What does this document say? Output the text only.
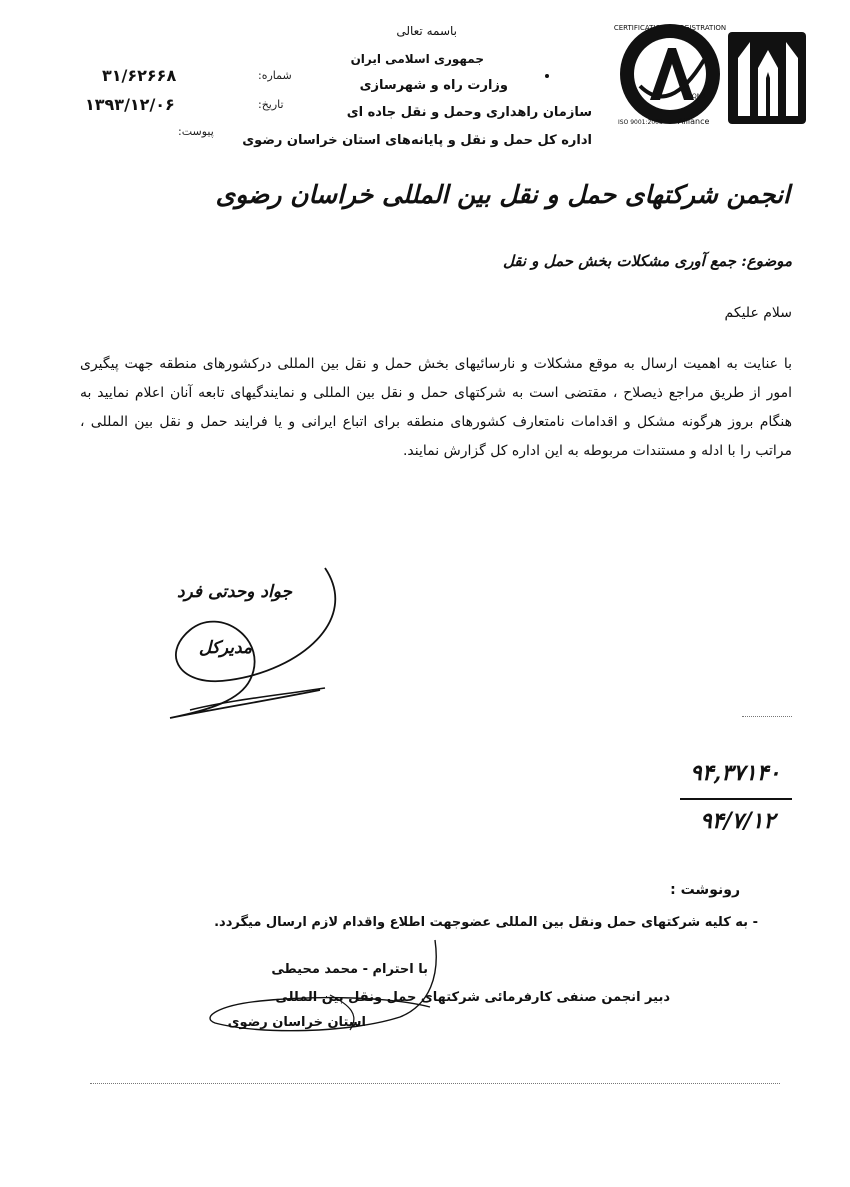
باسمه تعالی
جمهوری اسلامی ایران
وزارت راه و شهرسازی
سازمان راهداری وحمل و نقل جاده ای
اداره کل حمل و نقل و پایانه‌های استان خراسان رضوی
۳۱/۶۲۶۶۸	شماره:
۱۳۹۳/۱۲/۰۶	تاریخ:
پیوست:
CERTIFICATION • REGISTRATION
ISO 9001:2008 Alliance
QMS
انجمن شرکتهای حمل و نقل بین المللی خراسان رضوی
موضوع: جمع آوری مشکلات بخش حمل و نقل
سلام علیکم
با عنایت به اهمیت ارسال به موقع مشکلات و نارسائیهای بخش حمل و نقل بین المللی درکشورهای منطقه جهت پیگیری امور از طریق مراجع ذیصلاح ، مقتضی است به شرکتهای حمل و نقل بین المللی و نمایندگیهای تابعه آنان اعلام نمایید به هنگام بروز هرگونه مشکل و اقدامات نامتعارف کشورهای منطقه برای اتباع ایرانی و یا فرایند حمل و نقل بین المللی ، مراتب را با ادله و مستندات مربوطه به این اداره کل گزارش نمایند.
جواد وحدتی فرد
مدیرکل
۹۴,۳۷۱۴۰
۹۴/۷/۱۲
رونوشت :
- به کلیه شرکتهای حمل ونقل بین المللی عضوجهت اطلاع واقدام لازم ارسال میگردد.
با احترام - محمد محیطی
دبیر انجمن صنفی کارفرمائی شرکتهای حمل ونقل بین المللی
استان خراسان رضوی
